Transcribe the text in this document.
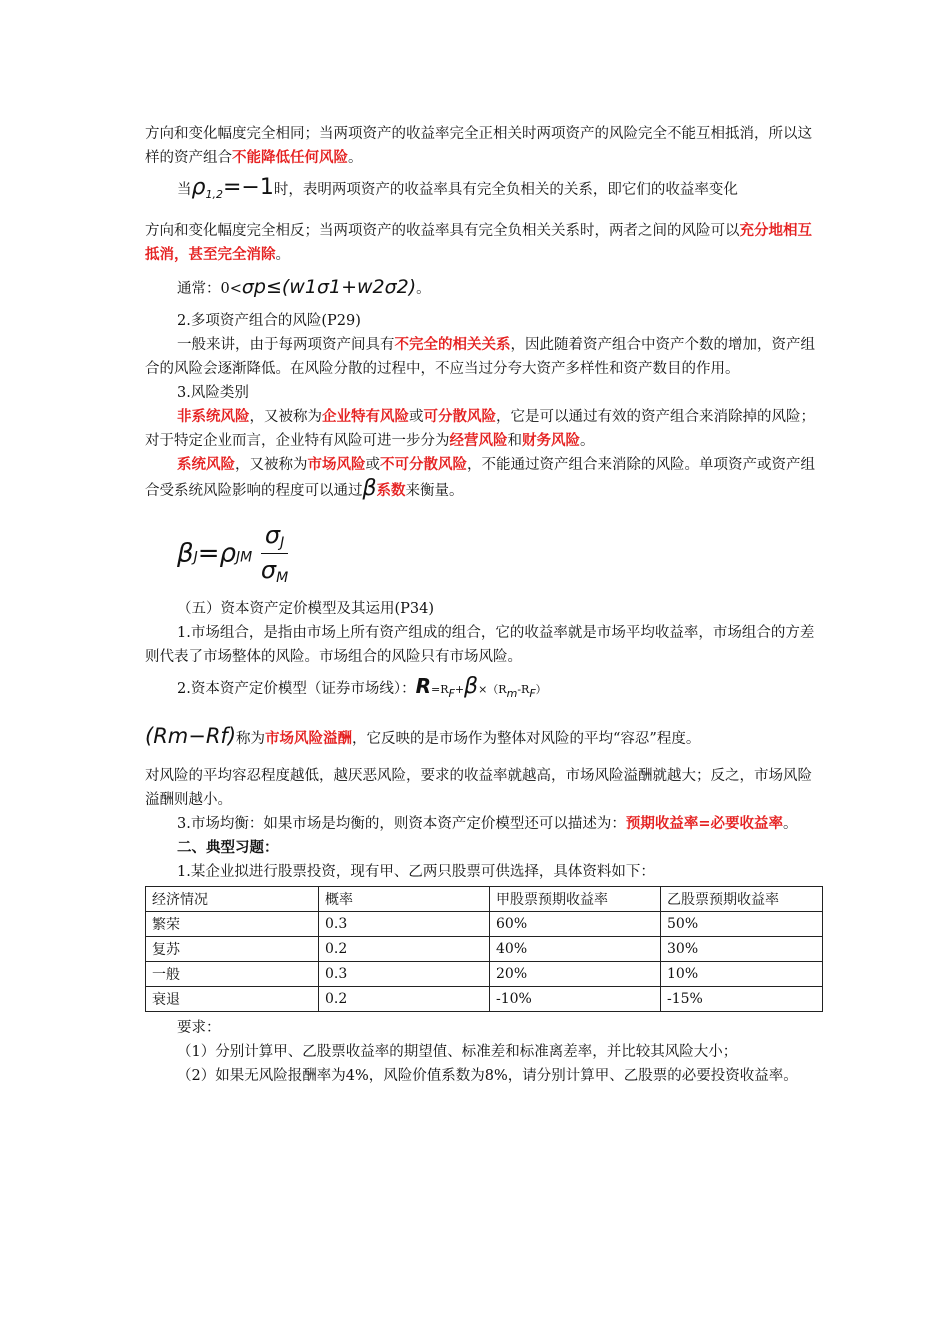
方向和变化幅度完全相同；当两项资产的收益率完全正相关时两项资产的风险完全不能互相抵消，所以这样的资产组合不能降低任何风险。

当$\rho_{1,2}=-1$时，表明两项资产的收益率具有完全负相关的关系，即它们的收益率变化

方向和变化幅度完全相反；当两项资产的收益率具有完全负相关关系时，两者之间的风险可以充分地相互抵消，甚至完全消除。

通常：0<σp≤(w1σ1+w2σ2)。

2.多项资产组合的风险(P29)

一般来讲，由于每两项资产间具有不完全的相关关系，因此随着资产组合中资产个数的增加，资产组合的风险会逐渐降低。在风险分散的过程中，不应当过分夸大资产多样性和资产数目的作用。

3.风险类别

非系统风险，又被称为企业特有风险或可分散风险，它是可以通过有效的资产组合来消除掉的风险；对于特定企业而言，企业特有风险可进一步分为经营风险和财务风险。

系统风险，又被称为市场风险或不可分散风险，不能通过资产组合来消除的风险。单项资产或资产组合受系统风险影响的程度可以通过β系数来衡量。

$\beta J=\rho JM \frac{\sigma J}{\sigma M}$

（五）资本资产定价模型及其运用(P34)

1.市场组合，是指由市场上所有资产组成的组合，它的收益率就是市场平均收益率，市场组合的方差则代表了市场整体的风险。市场组合的风险只有市场风险。

2.资本资产定价模型（证券市场线）：$R=R_F+\beta\times(R_m-R_F)$

(Rm−Rf)称为市场风险溢酬，它反映的是市场作为整体对风险的平均“容忍”程度。

对风险的平均容忍程度越低，越厌恶风险，要求的收益率就越高，市场风险溢酬就越大；反之，市场风险溢酬则越小。

3.市场均衡：如果市场是均衡的，则资本资产定价模型还可以描述为：预期收益率=必要收益率。

二、典型习题：

1.某企业拟进行股票投资，现有甲、乙两只股票可供选择，具体资料如下：

经济情况	概率	甲股票预期收益率	乙股票预期收益率
繁荣	0.3	60%	50%
复苏	0.2	40%	30%
一般	0.3	20%	10%
衰退	0.2	-10%	-15%

要求：

（1）分别计算甲、乙股票收益率的期望值、标准差和标准离差率，并比较其风险大小；

（2）如果无风险报酬率为4%，风险价值系数为8%，请分别计算甲、乙股票的必要投资收益率。
